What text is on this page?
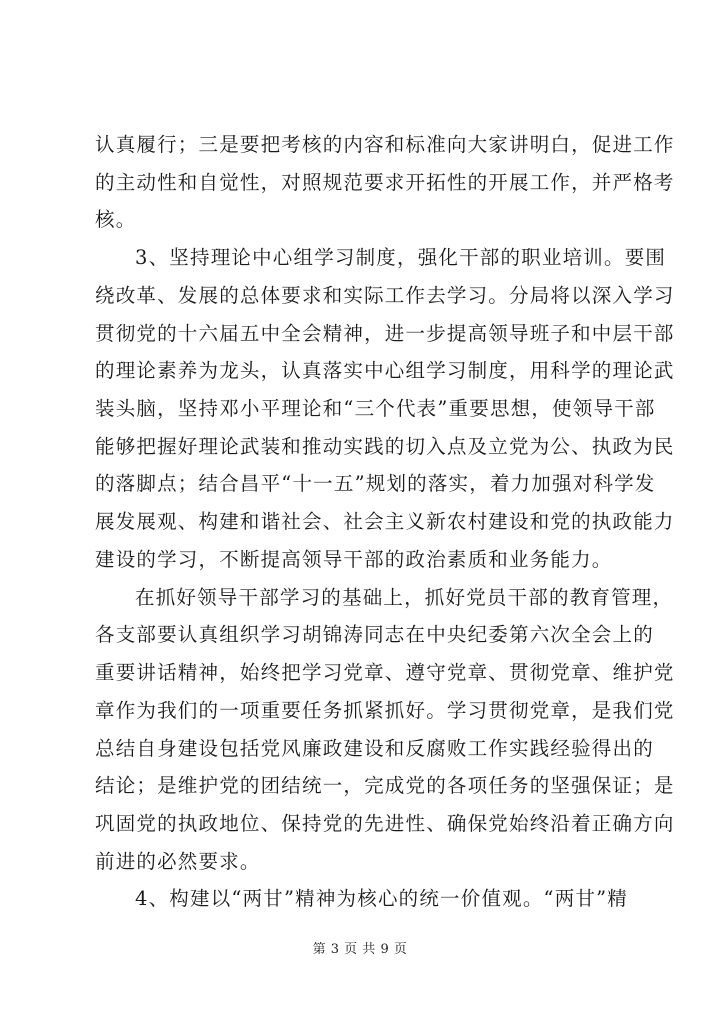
认真履行；三是要把考核的内容和标准向大家讲明白，促进工作
的主动性和自觉性，对照规范要求开拓性的开展工作，并严格考
核。
3、坚持理论中心组学习制度，强化干部的职业培训。要围
绕改革、发展的总体要求和实际工作去学习。分局将以深入学习
贯彻党的十六届五中全会精神，进一步提高领导班子和中层干部
的理论素养为龙头，认真落实中心组学习制度，用科学的理论武
装头脑，坚持邓小平理论和“三个代表”重要思想，使领导干部
能够把握好理论武装和推动实践的切入点及立党为公、执政为民
的落脚点；结合昌平“十一五”规划的落实，着力加强对科学发
展发展观、构建和谐社会、社会主义新农村建设和党的执政能力
建设的学习，不断提高领导干部的政治素质和业务能力。
在抓好领导干部学习的基础上，抓好党员干部的教育管理，
各支部要认真组织学习胡锦涛同志在中央纪委第六次全会上的
重要讲话精神，始终把学习党章、遵守党章、贯彻党章、维护党
章作为我们的一项重要任务抓紧抓好。学习贯彻党章，是我们党
总结自身建设包括党风廉政建设和反腐败工作实践经验得出的
结论；是维护党的团结统一，完成党的各项任务的坚强保证；是
巩固党的执政地位、保持党的先进性、确保党始终沿着正确方向
前进的必然要求。
4、构建以“两甘”精神为核心的统一价值观。“两甘”精
第 3 页 共 9 页
